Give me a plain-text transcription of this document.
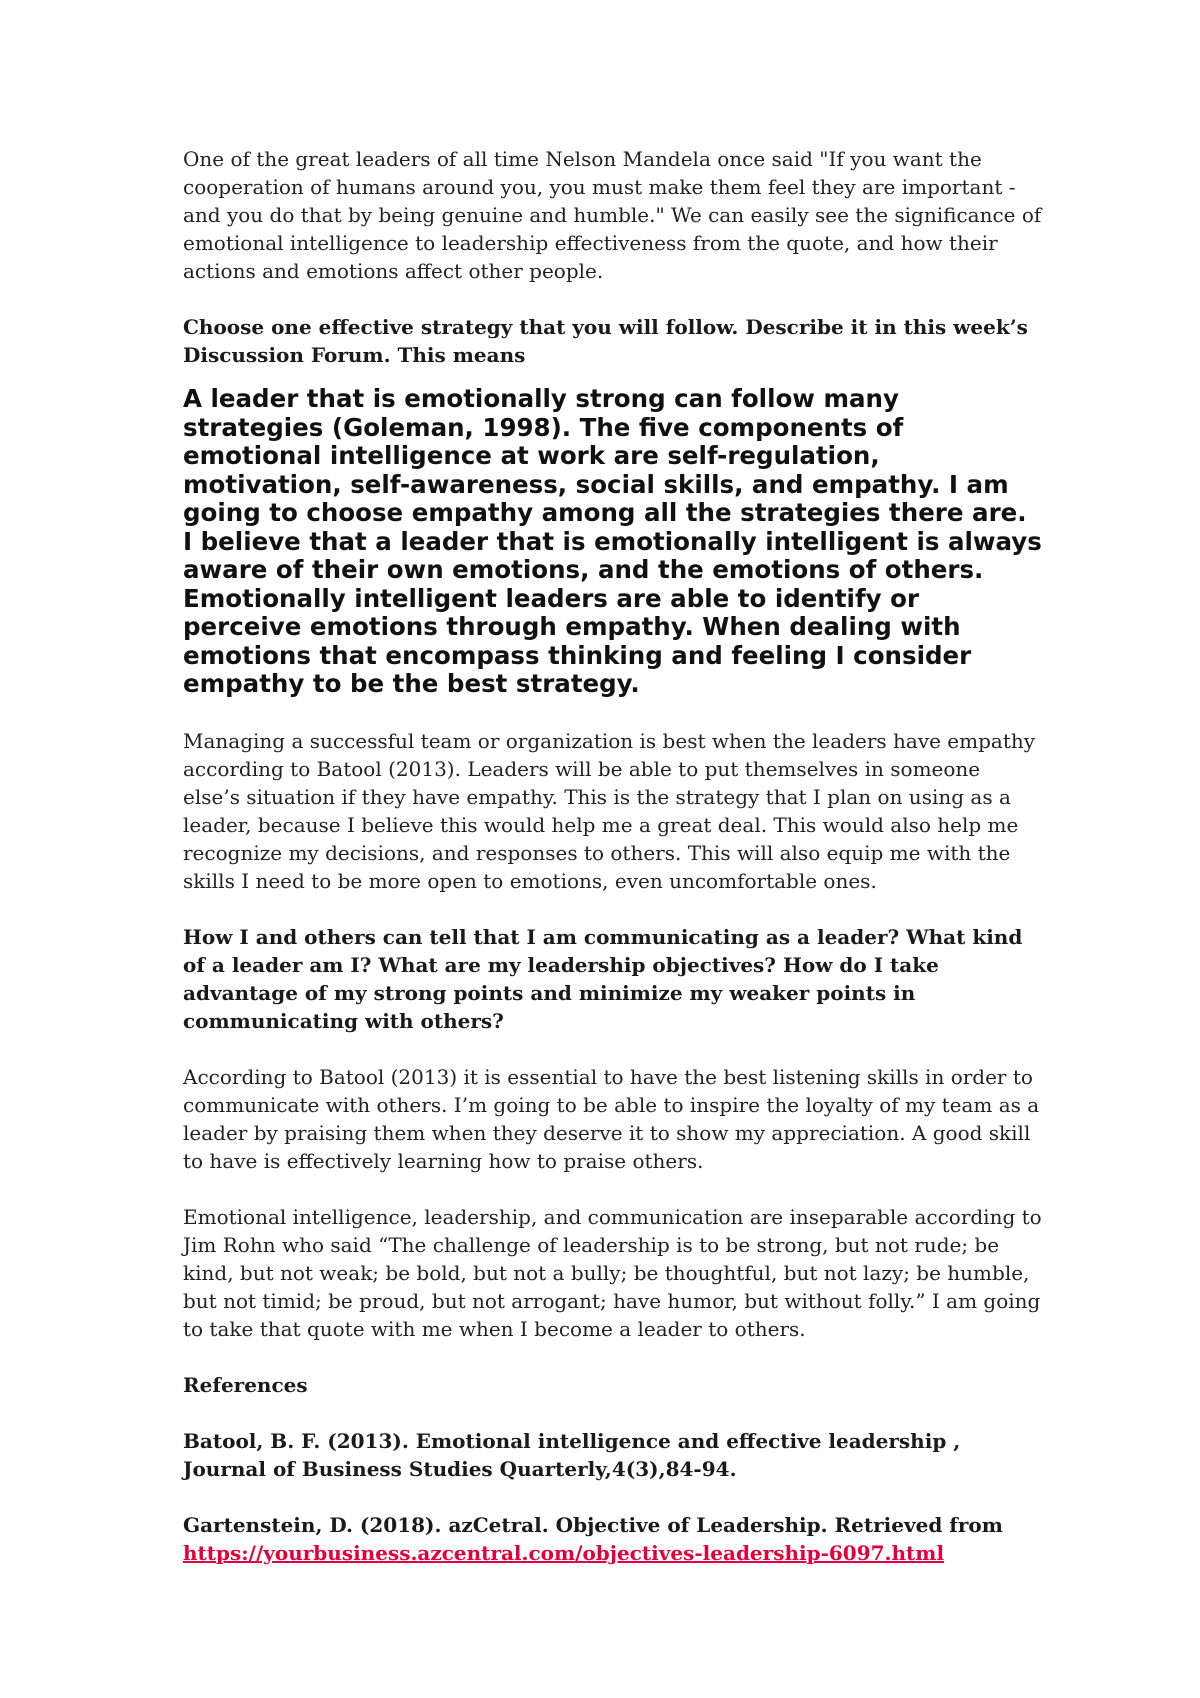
One of the great leaders of all time Nelson Mandela once said "If you want the cooperation of humans around you, you must make them feel they are important - and you do that by being genuine and humble." We can easily see the significance of emotional intelligence to leadership effectiveness from the quote, and how their actions and emotions affect other people.

Choose one effective strategy that you will follow. Describe it in this week’s Discussion Forum. This means

A leader that is emotionally strong can follow many strategies (Goleman, 1998). The five components of emotional intelligence at work are self-regulation, motivation, self-awareness, social skills, and empathy. I am going to choose empathy among all the strategies there are. I believe that a leader that is emotionally intelligent is always aware of their own emotions, and the emotions of others. Emotionally intelligent leaders are able to identify or perceive emotions through empathy. When dealing with emotions that encompass thinking and feeling I consider empathy to be the best strategy.

Managing a successful team or organization is best when the leaders have empathy according to Batool (2013). Leaders will be able to put themselves in someone else’s situation if they have empathy. This is the strategy that I plan on using as a leader, because I believe this would help me a great deal. This would also help me recognize my decisions, and responses to others. This will also equip me with the skills I need to be more open to emotions, even uncomfortable ones.

How I and others can tell that I am communicating as a leader? What kind of a leader am I? What are my leadership objectives? How do I take advantage of my strong points and minimize my weaker points in communicating with others?

According to Batool (2013) it is essential to have the best listening skills in order to communicate with others. I’m going to be able to inspire the loyalty of my team as a leader by praising them when they deserve it to show my appreciation. A good skill to have is effectively learning how to praise others.

Emotional intelligence, leadership, and communication are inseparable according to Jim Rohn who said “The challenge of leadership is to be strong, but not rude; be kind, but not weak; be bold, but not a bully; be thoughtful, but not lazy; be humble, but not timid; be proud, but not arrogant; have humor, but without folly.” I am going to take that quote with me when I become a leader to others.

References

Batool, B. F. (2013). Emotional intelligence and effective leadership , Journal of Business Studies Quarterly,4(3),84-94.

Gartenstein, D. (2018). azCetral. Objective of Leadership. Retrieved from https://yourbusiness.azcentral.com/objectives-leadership-6097.html
